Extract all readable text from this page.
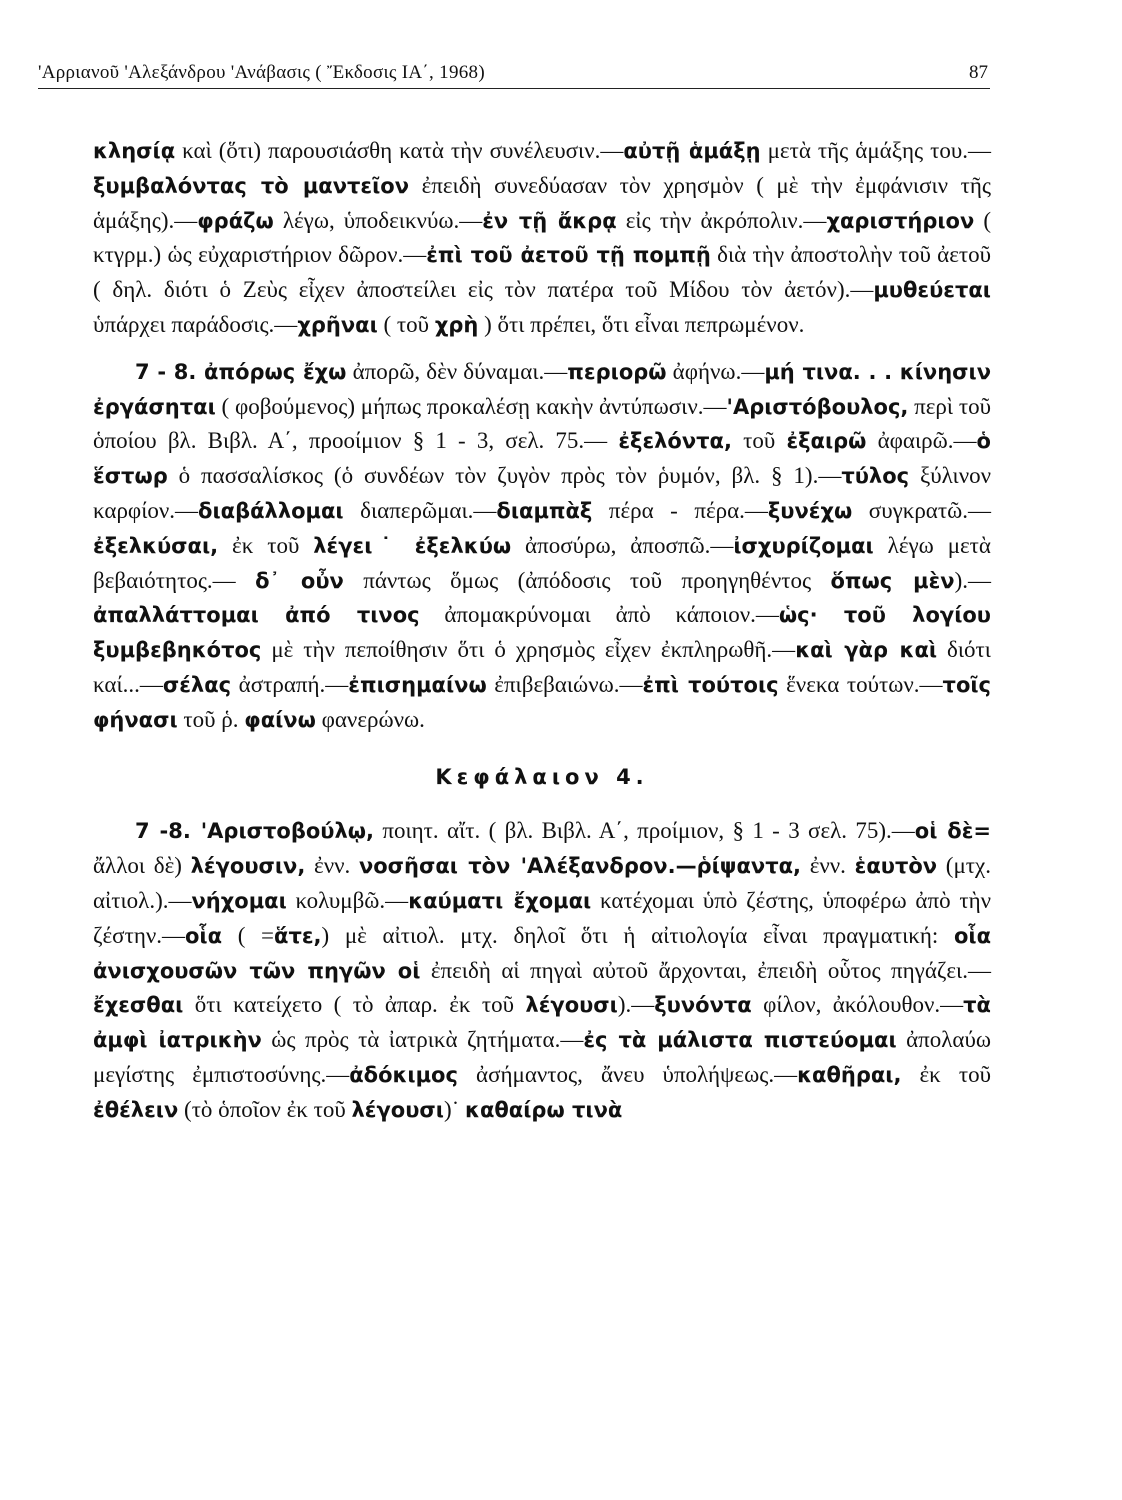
'Αρριανοῦ 'Αλεξάνδρου 'Ανάβασις ( Ἔκδοσις ΙΑ΄, 1968)	87

κλησίᾳ καὶ (ὅτι) παρουσιάσθη κατὰ τὴν συνέλευσιν.—αὐτῇ ἁμάξῃ μετὰ τῆς ἁμάξης του.—ξυμβαλόντας τὸ μαντεῖον ἐπειδὴ συνεδύασαν τὸν χρησμὸν ( μὲ τὴν ἐμφάνισιν τῆς ἁμάξης).—φράζω λέγω, ὑποδεικνύω.—ἐν τῇ ἄκρᾳ εἰς τὴν ἀκρόπολιν.—χαριστήριον ( κτγρμ.) ὡς εὐχαριστήριον δῶρον.—ἐπὶ τοῦ ἀετοῦ τῇ πομπῇ διὰ τὴν ἀποστολὴν τοῦ ἀετοῦ ( δηλ. διότι ὁ Ζεὺς εἶχεν ἀποστείλει εἰς τὸν πατέρα τοῦ Μίδου τὸν ἀετόν).—μυθεύεται ὑπάρχει παράδοσις.—χρῆναι ( τοῦ χρὴ ) ὅτι πρέπει, ὅτι εἶναι πεπρωμένον.

7 - 8. ἀπόρως ἔχω ἀπορῶ, δὲν δύναμαι.—περιορῶ ἀφήνω.—μή τινα. . . κίνησιν ἐργάσηται ( φοβούμενος) μήπως προκαλέσῃ κακὴν ἀντύπωσιν.—'Αριστόβουλος, περὶ τοῦ ὁποίου βλ. Βιβλ. Α΄, προοίμιον § 1 - 3, σελ. 75.— ἐξελόντα, τοῦ ἐξαιρῶ ἀφαιρῶ.—ὁ ἕστωρ ὁ πασσαλίσκος (ὁ συνδέων τὸν ζυγὸν πρὸς τὸν ῥυμόν, βλ. § 1).—τύλος ξύλινον καρφίον.—διαβάλλομαι διαπερῶμαι.—διαμπὰξ πέρα - πέρα.—ξυνέχω συγκρατῶ.—ἐξελκύσαι, ἐκ τοῦ λέγει˙ ἐξελκύω ἀποσύρω, ἀποσπῶ.—ἰσχυρίζομαι λέγω μετὰ βεβαιότητος.— δ᾽ οὖν πάντως ὅμως (ἀπόδοσις τοῦ προηγηθέντος ὅπως μὲν).—ἀπαλλάττομαι ἀπό τινος ἀπομακρύνομαι ἀπὸ κάποιον.—ὡς· τοῦ λογίου ξυμβεβηκότος μὲ τὴν πεποίθησιν ὅτι ὁ χρησμὸς εἶχεν ἐκπληρωθῆ.—καὶ γὰρ καὶ διότι καί...—σέλας ἀστραπή.—ἐπισημαίνω ἐπιβεβαιώνω.—ἐπὶ τούτοις ἕνεκα τούτων.—τοῖς φήνασι τοῦ ῥ. φαίνω φανερώνω.

Κεφάλαιον 4.

7 -8. 'Αριστοβούλῳ, ποιητ. αἴτ. ( βλ. Βιβλ. Α΄, προίμιον, § 1 - 3 σελ. 75).—οἱ δὲ= ἄλλοι δὲ) λέγουσιν, ἐνν. νοσῆσαι τὸν 'Αλέξανδρον.—ῥίψαντα, ἐνν. ἑαυτὸν (μτχ. αἰτιολ.).—νήχομαι κολυμβῶ.—καύματι ἔχομαι κατέχομαι ὑπὸ ζέστης, ὑποφέρω ἀπὸ τὴν ζέστην.—οἷα ( =ἅτε,) μὲ αἰτιολ. μτχ. δηλοῖ ὅτι ἡ αἰτιολογία εἶναι πραγματική: οἷα ἀνισχουσῶν τῶν πηγῶν οἱ ἐπειδὴ αἱ πηγαὶ αὐτοῦ ἄρχονται, ἐπειδὴ οὗτος πηγάζει.—ἔχεσθαι ὅτι κατείχετο ( τὸ ἀπαρ. ἐκ τοῦ λέγουσι).—ξυνόντα φίλον, ἀκόλουθον.—τὰ ἀμφὶ ἰατρικὴν ὡς πρὸς τὰ ἰατρικὰ ζητήματα.—ἐς τὰ μάλιστα πιστεύομαι ἀπολαύω μεγίστης ἐμπιστοσύνης.—ἀδόκιμος ἀσήμαντος, ἄνευ ὑπολήψεως.—καθῆραι, ἐκ τοῦ ἐθέλειν (τὸ ὁποῖον ἐκ τοῦ λέγουσι)˙ καθαίρω τινὰ
